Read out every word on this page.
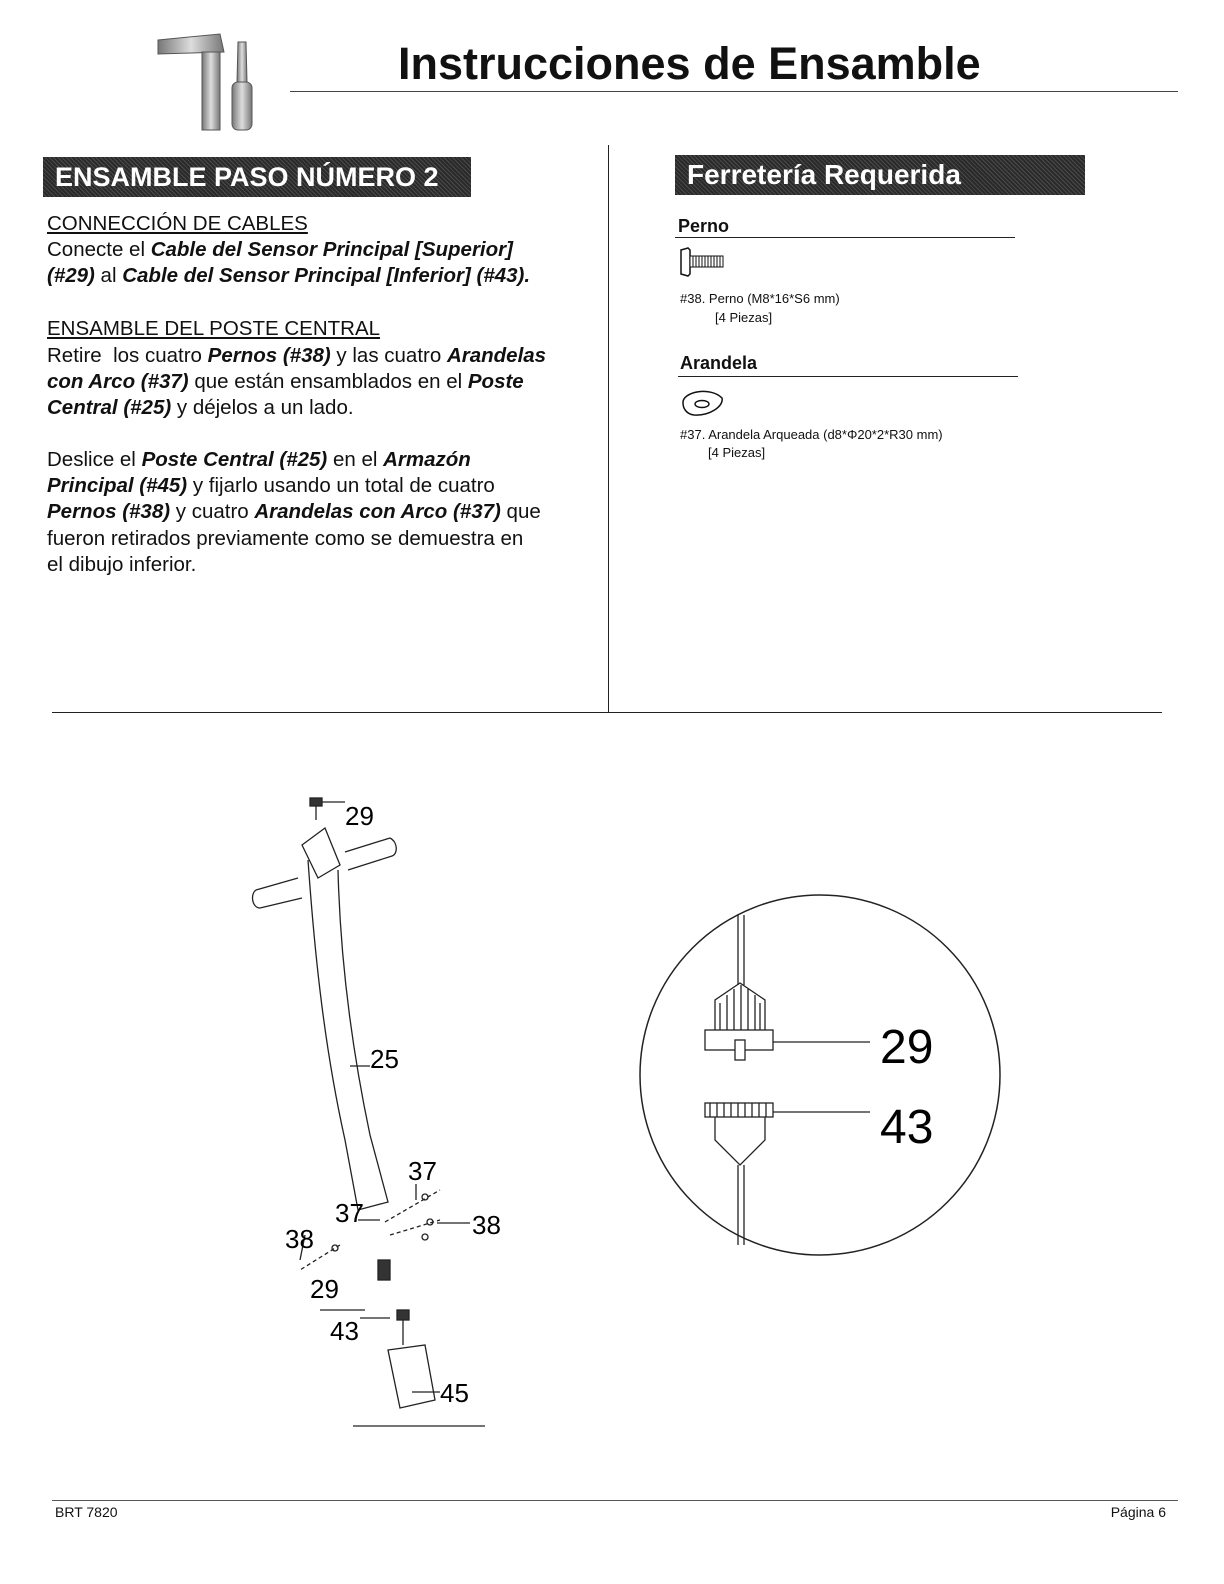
Instrucciones de Ensamble
ENSAMBLE PASO NÚMERO 2
CONNECCIÓN DE CABLES
Conecte el Cable del Sensor Principal [Superior]
(#29) al Cable del Sensor Principal [Inferior] (#43).
ENSAMBLE DEL POSTE CENTRAL
Retire  los cuatro Pernos (#38) y las cuatro Arandelas
con Arco (#37) que están ensamblados en el Poste
Central (#25) y déjelos a un lado.
Deslice el Poste Central (#25) en el Armazón
Principal (#45) y fijarlo usando un total de cuatro
Pernos (#38) y cuatro Arandelas con Arco (#37) que
fueron retirados previamente como se demuestra en
el dibujo inferior.
Ferretería Requerida
Perno
#38. Perno (M8*16*S6 mm)
[4 Piezas]
Arandela
#37. Arandela Arqueada (d8*Φ20*2*R30 mm)
[4 Piezas]
29
25
37
37
38	38
29
43
45
29
43
BRT 7820	Página 6
